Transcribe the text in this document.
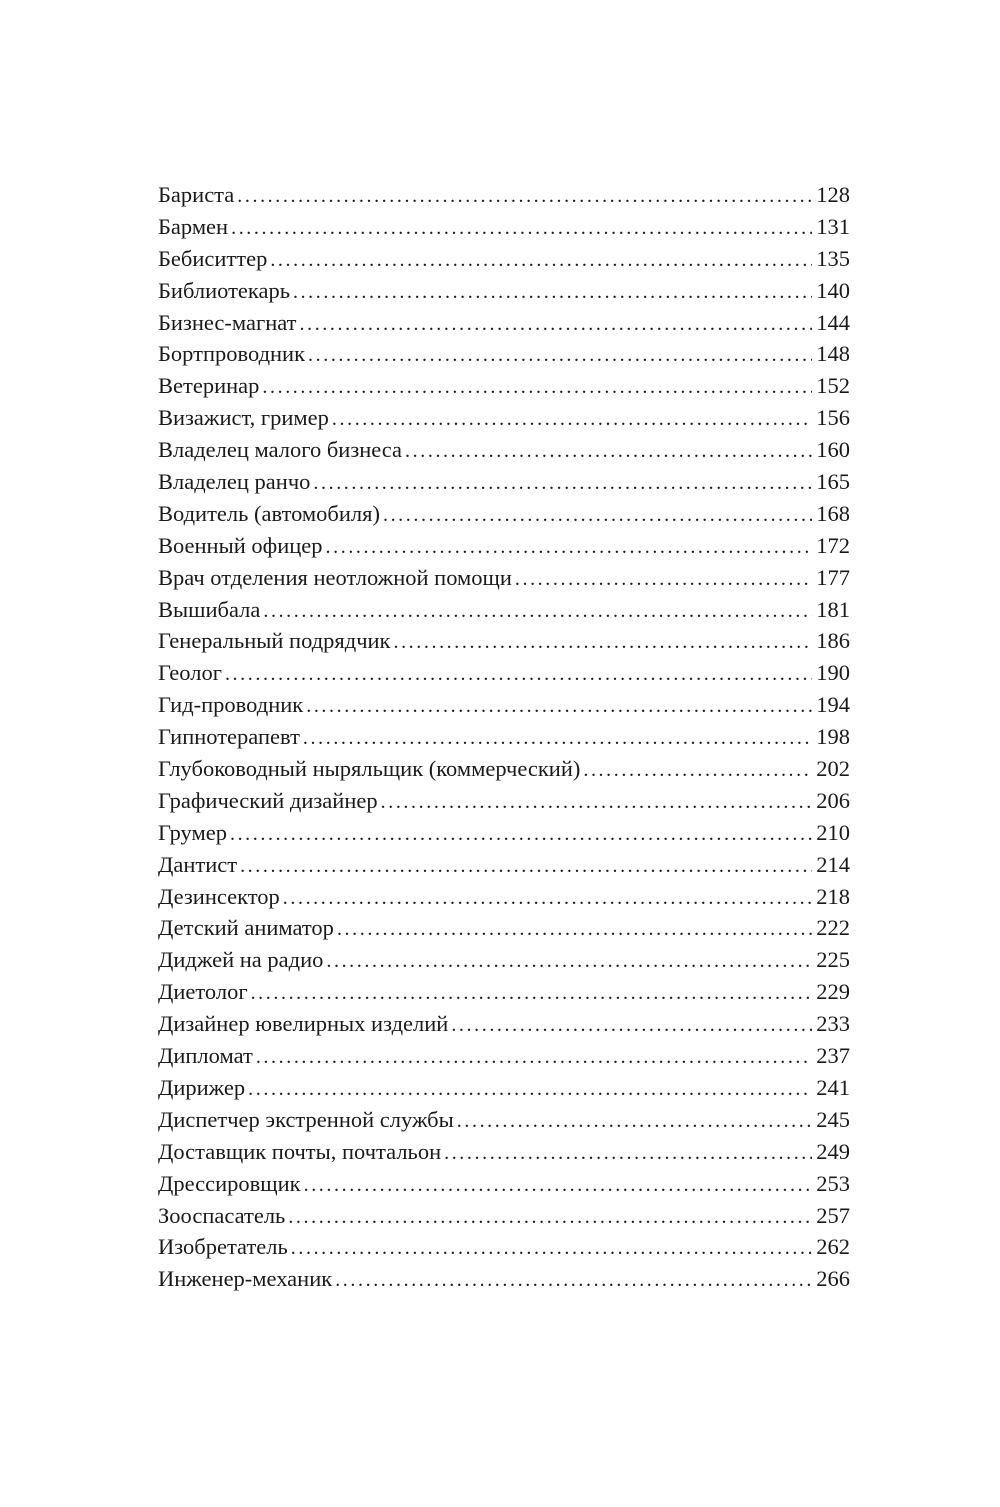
Бариста . . .	128
Бармен . . .	131
Бебиситтер . . .	135
Библиотекарь . . .	140
Бизнес-магнат . . .	144
Бортпроводник . . .	148
Ветеринар . . .	152
Визажист, гример . . .	156
Владелец малого бизнеса . . .	160
Владелец ранчо . . .	165
Водитель (автомобиля) . . .	168
Военный офицер . . .	172
Врач отделения неотложной помощи . . .	177
Вышибала . . .	181
Генеральный подрядчик . . .	186
Геолог . . .	190
Гид-проводник . . .	194
Гипнотерапевт . . .	198
Глубоководный ныряльщик (коммерческий) . . .	202
Графический дизайнер . . .	206
Грумер . . .	210
Дантист . . .	214
Дезинсектор . . .	218
Детский аниматор . . .	222
Диджей на радио . . .	225
Диетолог . . .	229
Дизайнер ювелирных изделий . . .	233
Дипломат . . .	237
Дирижер . . .	241
Диспетчер экстренной службы . . .	245
Доставщик почты, почтальон . . .	249
Дрессировщик . . .	253
Зооспасатель . . .	257
Изобретатель . . .	262
Инженер-механик . . .	266
